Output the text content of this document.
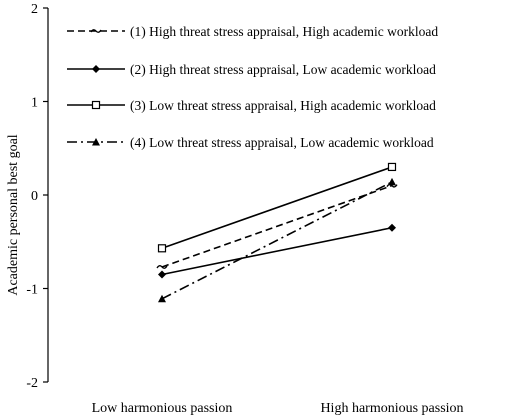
2
1
0
-1
-2
Low harmonious passion	High harmonious passion
Academic personal best goal
(1) High threat stress appraisal, High academic workload
(2) High threat stress appraisal, Low academic workload
(3) Low threat stress appraisal, High academic workload
(4) Low threat stress appraisal, Low academic workload
